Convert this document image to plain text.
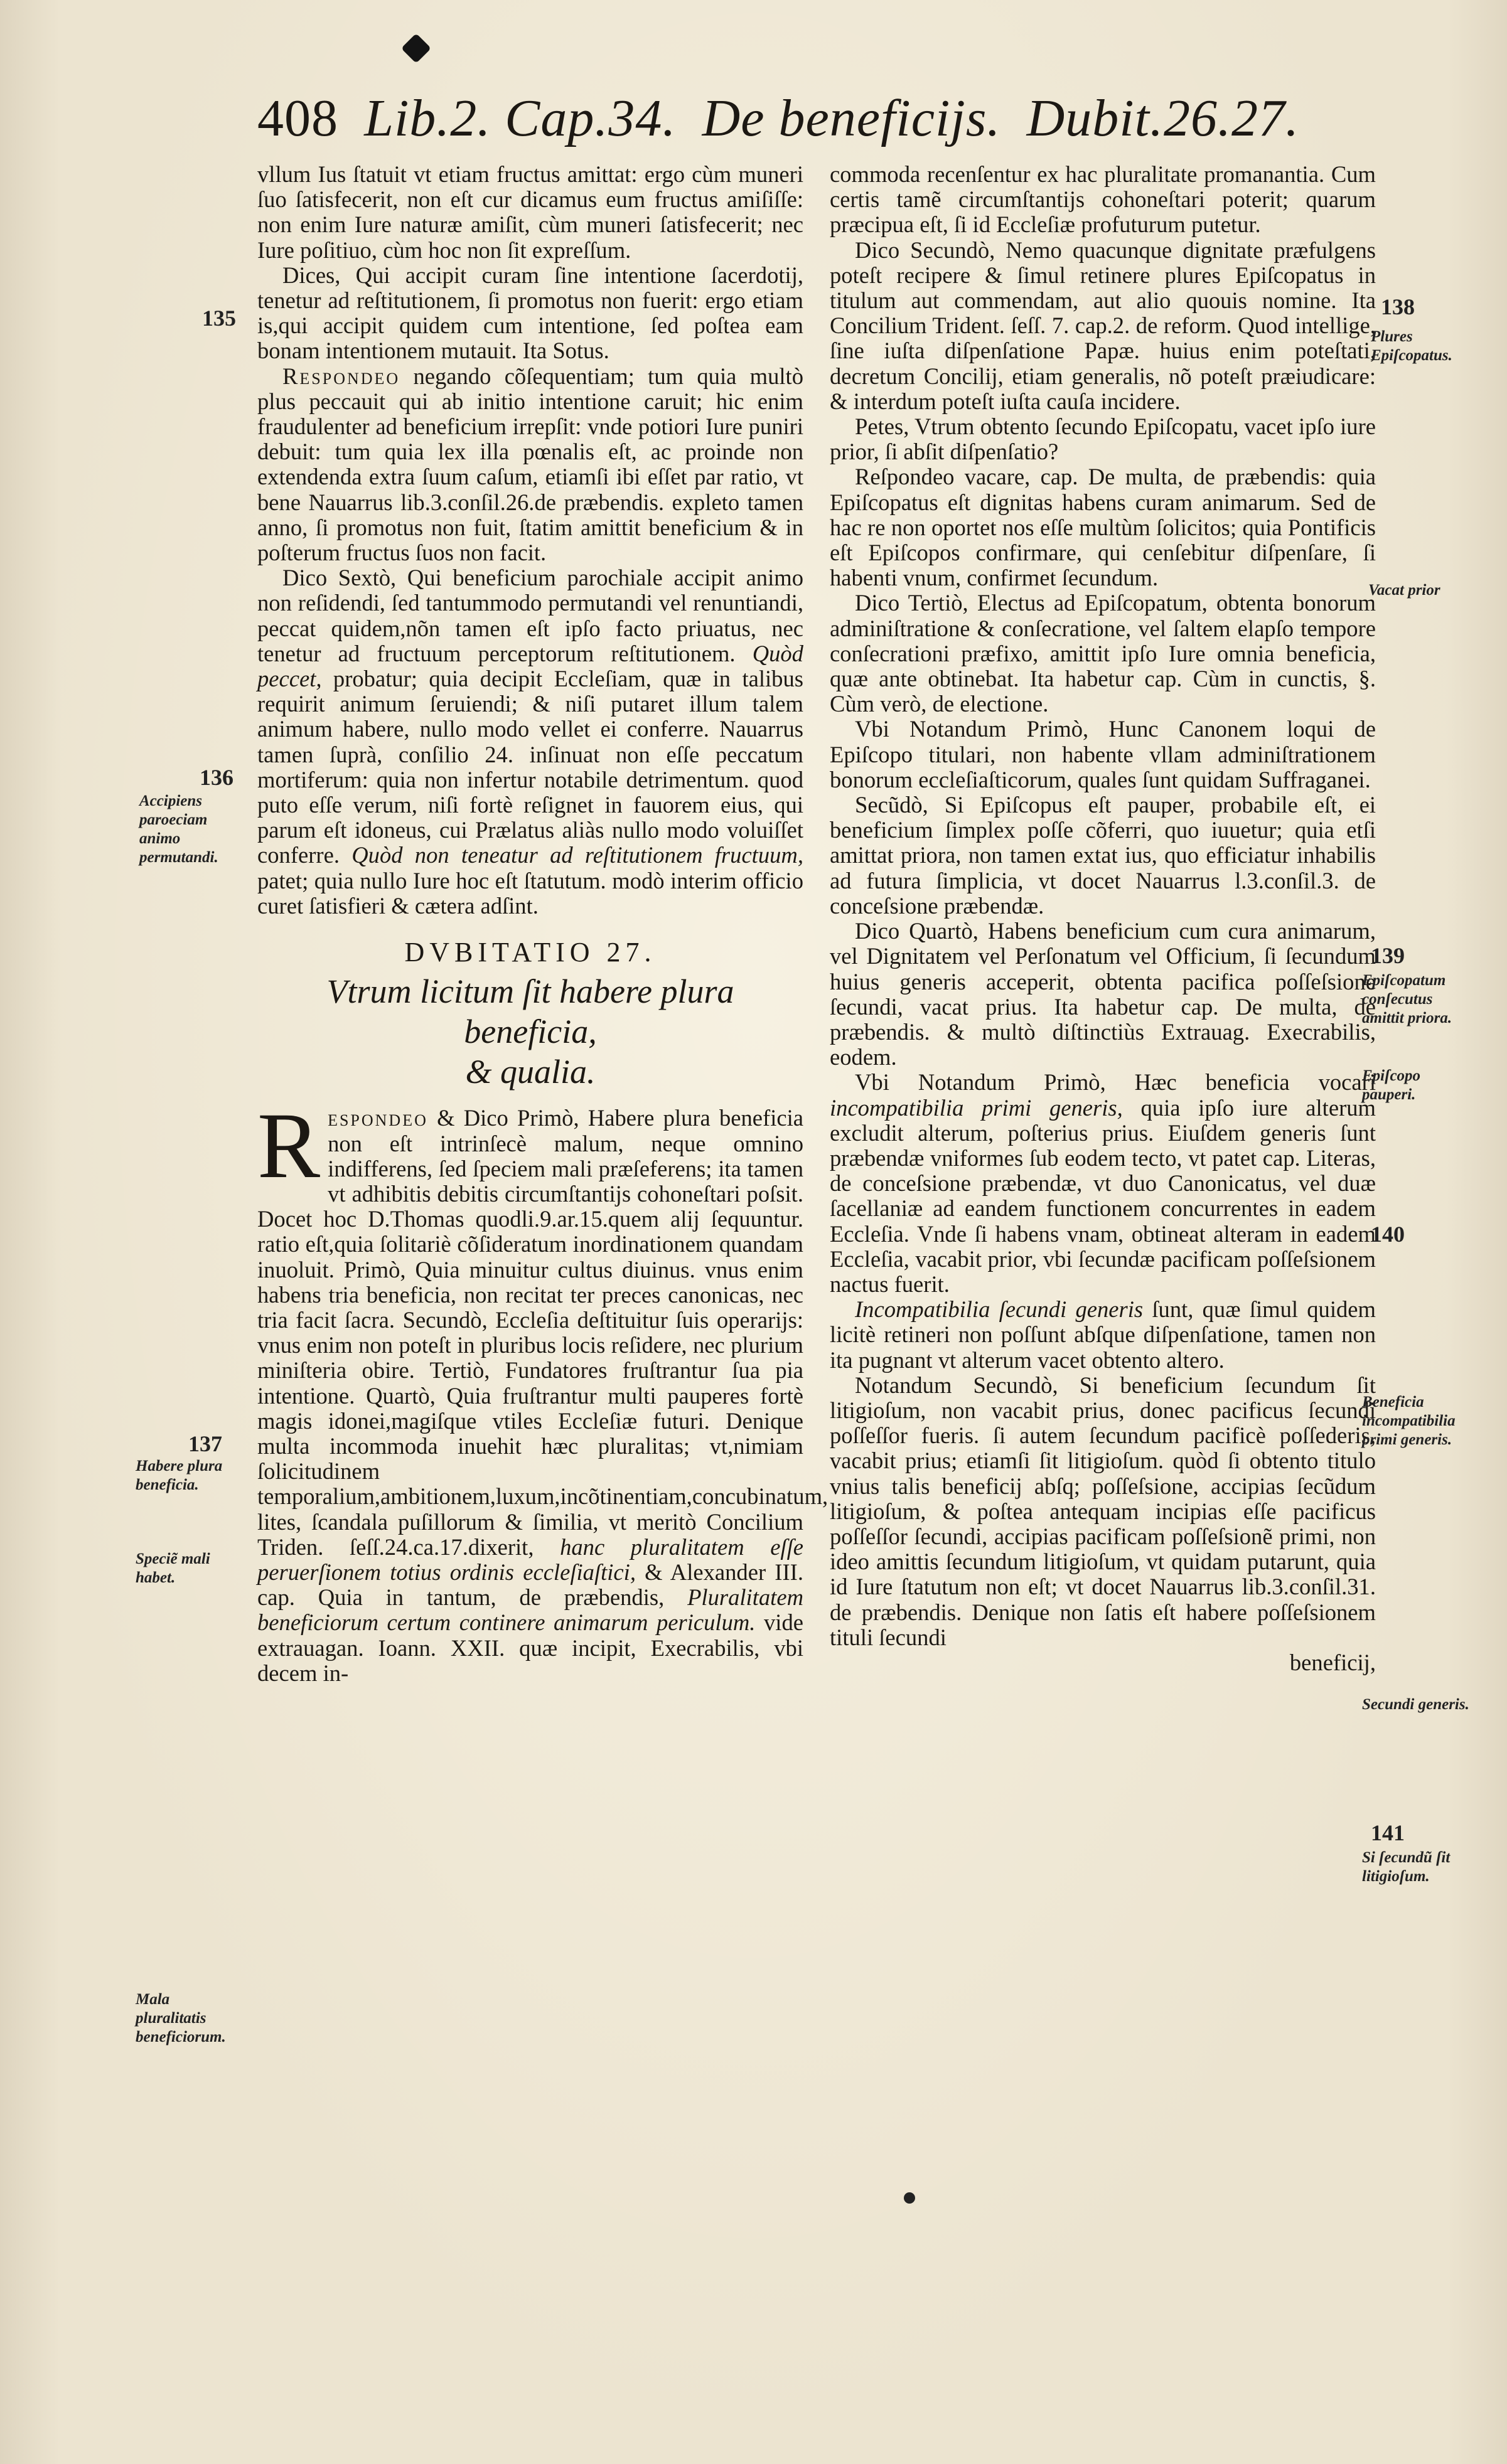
408 Lib.2. Cap.34. De beneficijs. Dubit.26.27.

vllum Ius ſtatuit vt etiam fructus amittat: ergo cùm muneri ſuo ſatisfecerit, non eſt cur dicamus eum fructus amiſiſſe: non enim Iure naturæ amiſit, cùm muneri ſatisfecerit; nec Iure poſitiuo, cùm hoc non ſit expreſſum.

Dices, Qui accipit curam ſine intentione ſacerdotij, tenetur ad reſtitutionem, ſi promotus non fuerit: ergo etiam is,qui accipit quidem cum intentione, ſed poſtea eam bonam intentionem mutauit. Ita Sotus.

Respondeo negando cõſequentiam; tum quia multò plus peccauit qui ab initio intentione caruit; hic enim fraudulenter ad beneficium irrepſit: vnde potiori Iure puniri debuit: tum quia lex illa pœnalis eſt, ac proinde non extendenda extra ſuum caſum, etiamſi ibi eſſet par ratio, vt bene Nauarrus lib.3.conſil.26.de præbendis. expleto tamen anno, ſi promotus non fuit, ſtatim amittit beneficium & in poſterum fructus ſuos non facit.

Dico Sextò, Qui beneficium parochiale accipit animo non reſidendi, ſed tantummodo permutandi vel renuntiandi, peccat quidem,nõn tamen eſt ipſo facto priuatus, nec tenetur ad fructuum perceptorum reſtitutionem. Quòd peccet, probatur; quia decipit Eccleſiam, quæ in talibus requirit animum ſeruiendi; & niſi putaret illum talem animum habere, nullo modo vellet ei conferre. Nauarrus tamen ſuprà, conſilio 24. inſinuat non eſſe peccatum mortiferum: quia non infertur notabile detrimentum. quod puto eſſe verum, niſi fortè reſignet in fauorem eius, qui parum eſt idoneus, cui Prælatus aliàs nullo modo voluiſſet conferre. Quòd non teneatur ad reſtitutionem fructuum, patet; quia nullo Iure hoc eſt ſtatutum. modò interim officio curet ſatisfieri & cætera adſint.

DVBITATIO 27.
Vtrum licitum ſit habere plura beneficia,
& qualia.

Respondeo & Dico Primò, Habere plura beneficia non eſt intrinſecè malum, neque omnino indifferens, ſed ſpeciem mali præſeferens; ita tamen vt adhibitis debitis circumſtantijs cohoneſtari poſsit. Docet hoc D.Thomas quodli.9.ar.15.quem alij ſequuntur. ratio eſt,quia ſolitariè cõſideratum inordinationem quandam inuoluit. Primò, Quia minuitur cultus diuinus. vnus enim habens tria beneficia, non recitat ter preces canonicas, nec tria facit ſacra. Secundò, Eccleſia deſtituitur ſuis operarijs: vnus enim non poteſt in pluribus locis reſidere, nec plurium miniſteria obire. Tertiò, Fundatores fruſtrantur ſua pia intentione. Quartò, Quia fruſtrantur multi pauperes fortè magis idonei,magiſque vtiles Eccleſiæ futuri. Denique multa incommoda inuehit hæc pluralitas; vt,nimiam ſolicitudinem temporalium,ambitionem,luxum,incõtinentiam,concubinatum, lites, ſcandala puſillorum & ſimilia, vt meritò Concilium Triden. ſeſſ.24.ca.17.dixerit, hanc pluralitatem eſſe peruerſionem totius ordinis eccleſiaſtici, & Alexander III. cap. Quia in tantum, de præbendis, Pluralitatem beneficiorum certum continere animarum periculum. vide extrauagan. Ioann. XXII. quæ incipit, Execrabilis, vbi decem in-

commoda recenſentur ex hac pluralitate promanantia. Cum certis tamẽ circumſtantijs cohoneſtari poterit; quarum præcipua eſt, ſi id Eccleſiæ profuturum putetur.

Dico Secundò, Nemo quacunque dignitate præfulgens poteſt recipere & ſimul retinere plures Epiſcopatus in titulum aut commendam, aut alio quouis nomine. Ita Concilium Trident. ſeſſ. 7. cap.2. de reform. Quod intellige, ſine iuſta diſpenſatione Papæ. huius enim poteſtati, decretum Concilij, etiam generalis, nõ poteſt præiudicare: & interdum poteſt iuſta cauſa incidere.

Petes, Vtrum obtento ſecundo Epiſcopatu, vacet ipſo iure prior, ſi abſit diſpenſatio?

Reſpondeo vacare, cap. De multa, de præbendis: quia Epiſcopatus eſt dignitas habens curam animarum. Sed de hac re non oportet nos eſſe multùm ſolicitos; quia Pontificis eſt Epiſcopos confirmare, qui cenſebitur diſpenſare, ſi habenti vnum, confirmet ſecundum.

Dico Tertiò, Electus ad Epiſcopatum, obtenta bonorum adminiſtratione & conſecratione, vel ſaltem elapſo tempore conſecrationi præfixo, amittit ipſo Iure omnia beneficia, quæ ante obtinebat. Ita habetur cap. Cùm in cunctis, §. Cùm verò, de electione.

Vbi Notandum Primò, Hunc Canonem loqui de Epiſcopo titulari, non habente vllam adminiſtrationem bonorum eccleſiaſticorum, quales ſunt quidam Suffraganei.

Secũdò, Si Epiſcopus eſt pauper, probabile eſt, ei beneficium ſimplex poſſe cõferri, quo iuuetur; quia etſi amittat priora, non tamen extat ius, quo efficiatur inhabilis ad futura ſimplicia, vt docet Nauarrus l.3.conſil.3. de conceſsione præbendæ.

Dico Quartò, Habens beneficium cum cura animarum, vel Dignitatem vel Perſonatum vel Officium, ſi ſecundum huius generis acceperit, obtenta pacifica poſſeſsione ſecundi, vacat prius. Ita habetur cap. De multa, de præbendis. & multò diſtinctiùs Extrauag. Execrabilis, eodem.

Vbi Notandum Primò, Hæc beneficia vocari incompatibilia primi generis, quia ipſo iure alterum excludit alterum, poſterius prius. Eiuſdem generis ſunt præbendæ vniformes ſub eodem tecto, vt patet cap. Literas, de conceſsione præbendæ, vt duo Canonicatus, vel duæ ſacellaniæ ad eandem functionem concurrentes in eadem Eccleſia. Vnde ſi habens vnam, obtineat alteram in eadem Eccleſia, vacabit prior, vbi ſecundæ pacificam poſſeſsionem nactus fuerit.

Incompatibilia ſecundi generis ſunt, quæ ſimul quidem licitè retineri non poſſunt abſque diſpenſatione, tamen non ita pugnant vt alterum vacet obtento altero.

Notandum Secundò, Si beneficium ſecundum ſit litigioſum, non vacabit prius, donec pacificus ſecundi poſſeſſor fueris. ſi autem ſecundum pacificè poſſederis, vacabit prius; etiamſi ſit litigioſum. quòd ſi obtento titulo vnius talis beneficij abſq; poſſeſsione, accipias ſecũdum litigioſum, & poſtea antequam incipias eſſe pacificus poſſeſſor ſecundi, accipias pacificam poſſeſsionẽ primi, non ideo amittis ſecundum litigioſum, vt quidam putarunt, quia id Iure ſtatutum non eſt; vt docet Nauarrus lib.3.conſil.31. de præbendis. Denique non ſatis eſt habere poſſeſsionem tituli ſecundi

beneficij,
135
136
Accipiens paroeciam animo permutandi.
137
Habere plura beneficia.
Speciẽ mali habet.
Mala pluralitatis beneficiorum.
138
Plures Epiſcopatus.
Vacat prior
139
Epiſcopatum conſecutus amittit priora.
Epiſcopo pauperi.
140
Beneficia incompatibilia primi generis.
Secundi generis.
141
Si ſecundũ ſit litigioſum.
